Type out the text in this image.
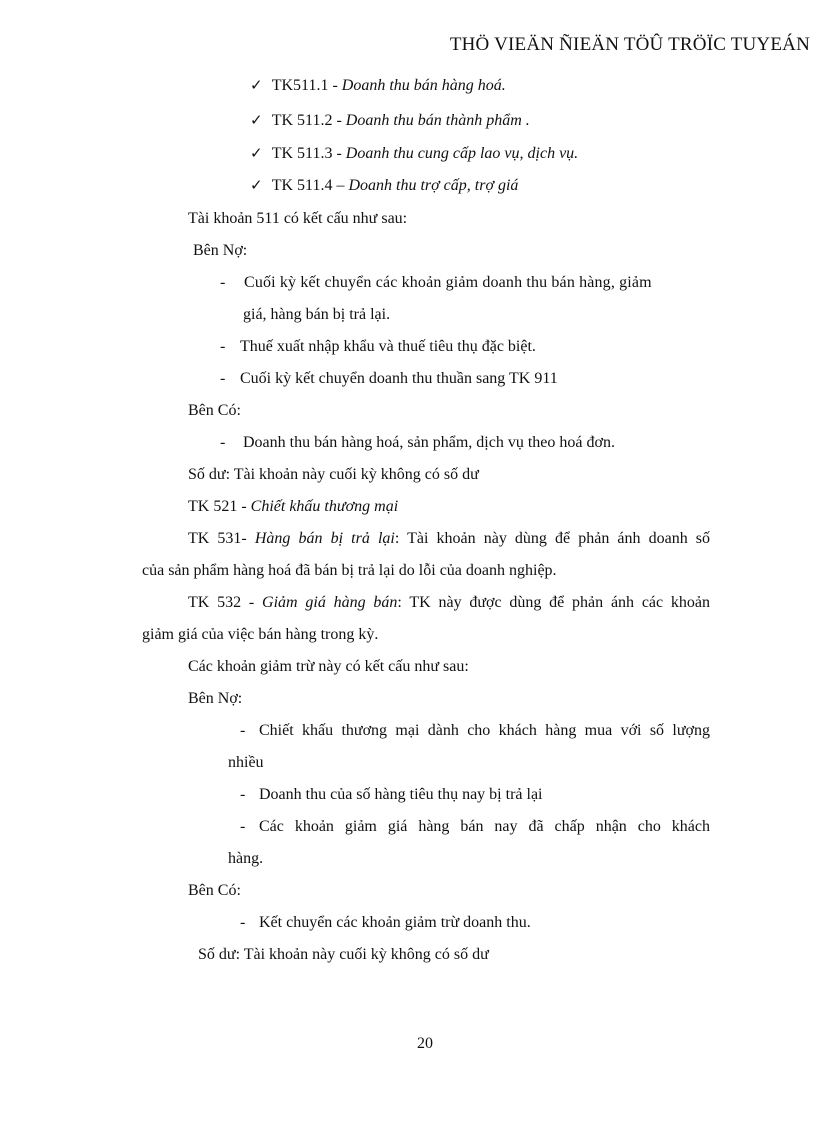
THÖ VIEÄN ÑIEÄN TÖÛ TRÖÏC TUYEÁN
✓ TK511.1 - Doanh thu bán hàng hoá.
✓ TK 511.2 - Doanh thu bán thành phẩm .
✓ TK 511.3 - Doanh thu cung cấp lao vụ, dịch vụ.
✓ TK 511.4 – Doanh thu trợ cấp, trợ giá
Tài khoản 511 có kết cấu như sau:
Bên Nợ:
- Cuối kỳ kết chuyển các khoản giảm doanh thu bán hàng, giảm
giá, hàng bán bị trả lại.
- Thuế xuất nhập khẩu và thuế tiêu thụ đặc biệt.
- Cuối kỳ kết chuyển doanh thu thuần sang TK 911
Bên Có:
- Doanh thu bán hàng hoá, sản phẩm, dịch vụ theo hoá đơn.
Số dư: Tài khoản này cuối kỳ không có số dư
TK 521 - Chiết khấu thương mại
TK 531- Hàng bán bị trả lại: Tài khoản này dùng để phản ánh doanh số
của sản phẩm hàng hoá đã bán bị trả lại do lỗi của doanh nghiệp.
TK 532 - Giảm giá hàng bán: TK này được dùng để phản ánh các khoản
giảm giá của việc bán hàng trong kỳ.
Các khoản giảm trừ này có kết cấu như sau:
Bên Nợ:
- Chiết khấu thương mại dành cho khách hàng mua với số lượng
nhiều
- Doanh thu của số hàng tiêu thụ nay bị trả lại
- Các khoản giảm giá hàng bán nay đã chấp nhận cho khách
hàng.
Bên Có:
- Kết chuyển các khoản giảm trừ doanh thu.
Số dư: Tài khoản này cuối kỳ không có số dư
20
